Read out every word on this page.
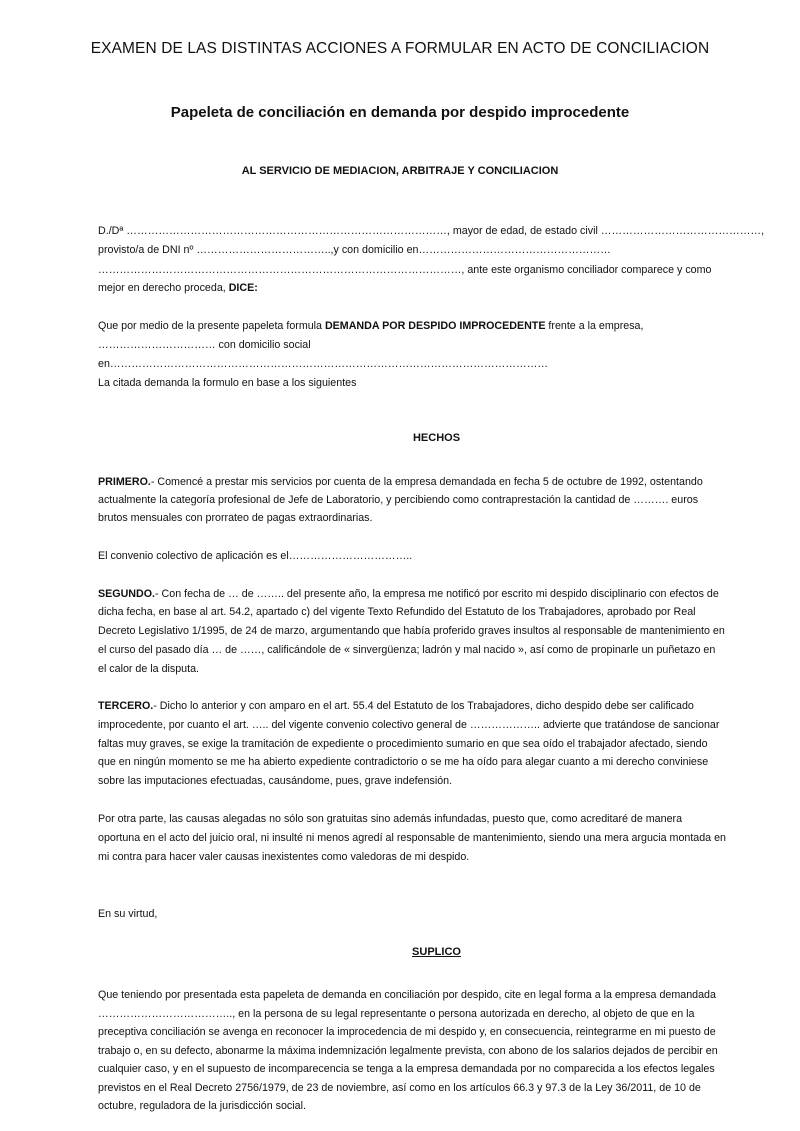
EXAMEN DE LAS DISTINTAS ACCIONES A FORMULAR EN ACTO DE CONCILIACION
Papeleta de conciliación en demanda por despido improcedente
AL SERVICIO DE MEDIACION, ARBITRAJE Y CONCILIACION
D./Dª ………………………………………………………………………………, mayor de edad, de estado civil ………………………………………,
provisto/a de DNI nº ………………………………..,y con domicilio en………………………………………………
…………………………………………………………………………………………, ante este organismo conciliador comparece y como
mejor en derecho proceda, DICE:
Que por medio de la presente papeleta formula DEMANDA POR DESPIDO IMPROCEDENTE frente a la empresa,
…………………………… con domicilio social
en……………………………………………………………………………………………………………
La citada demanda la formulo en base a los siguientes
HECHOS
PRIMERO.- Comencé a prestar mis servicios por cuenta de la empresa demandada en fecha 5 de octubre de 1992, ostentando
actualmente la categoría profesional de Jefe de Laboratorio, y percibiendo como contraprestación la cantidad de ………. euros
brutos mensuales con prorrateo de pagas extraordinarias.
El convenio colectivo de aplicación es el……………………………..
SEGUNDO.- Con fecha de … de …….. del presente año, la empresa me notificó por escrito mi despido disciplinario con efectos de
dicha fecha, en base al art. 54.2, apartado c) del vigente Texto Refundido del Estatuto de los Trabajadores, aprobado por Real
Decreto Legislativo 1/1995, de 24 de marzo, argumentando que había proferido graves insultos al responsable de mantenimiento en
el curso del pasado día … de ……, calificándole de « sinvergüenza; ladrón y mal nacido », así como de propinarle un puñetazo en
el calor de la disputa.
TERCERO.- Dicho lo anterior y con amparo en el art. 55.4 del Estatuto de los Trabajadores, dicho despido debe ser calificado
improcedente, por cuanto el art. ….. del vigente convenio colectivo general de ……………….. advierte que tratándose de sancionar
faltas muy graves, se exige la tramitación de expediente o procedimiento sumario en que sea oído el trabajador afectado, siendo
que en ningún momento se me ha abierto expediente contradictorio o se me ha oído para alegar cuanto a mi derecho conviniese
sobre las imputaciones efectuadas, causándome, pues, grave indefensión.
Por otra parte, las causas alegadas no sólo son gratuitas sino además infundadas, puesto que, como acreditaré de manera
oportuna en el acto del juicio oral, ni insulté ni menos agredí al responsable de mantenimiento, siendo una mera argucia montada en
mi contra para hacer valer causas inexistentes como valedoras de mi despido.
En su virtud,
SUPLICO
Que teniendo por presentada esta papeleta de demanda en conciliación por despido, cite en legal forma a la empresa demandada
……………………………….., en la persona de su legal representante o persona autorizada en derecho, al objeto de que en la
preceptiva conciliación se avenga en reconocer la improcedencia de mi despido y, en consecuencia, reintegrarme en mi puesto de
trabajo o, en su defecto, abonarme la máxima indemnización legalmente prevista, con abono de los salarios dejados de percibir en
cualquier caso, y en el supuesto de incomparecencia se tenga a la empresa demandada por no comparecida a los efectos legales
previstos en el Real Decreto 2756/1979, de 23 de noviembre, así como en los artículos 66.3 y 97.3 de la Ley 36/2011, de 10 de
octubre, reguladora de la jurisdicción social.
